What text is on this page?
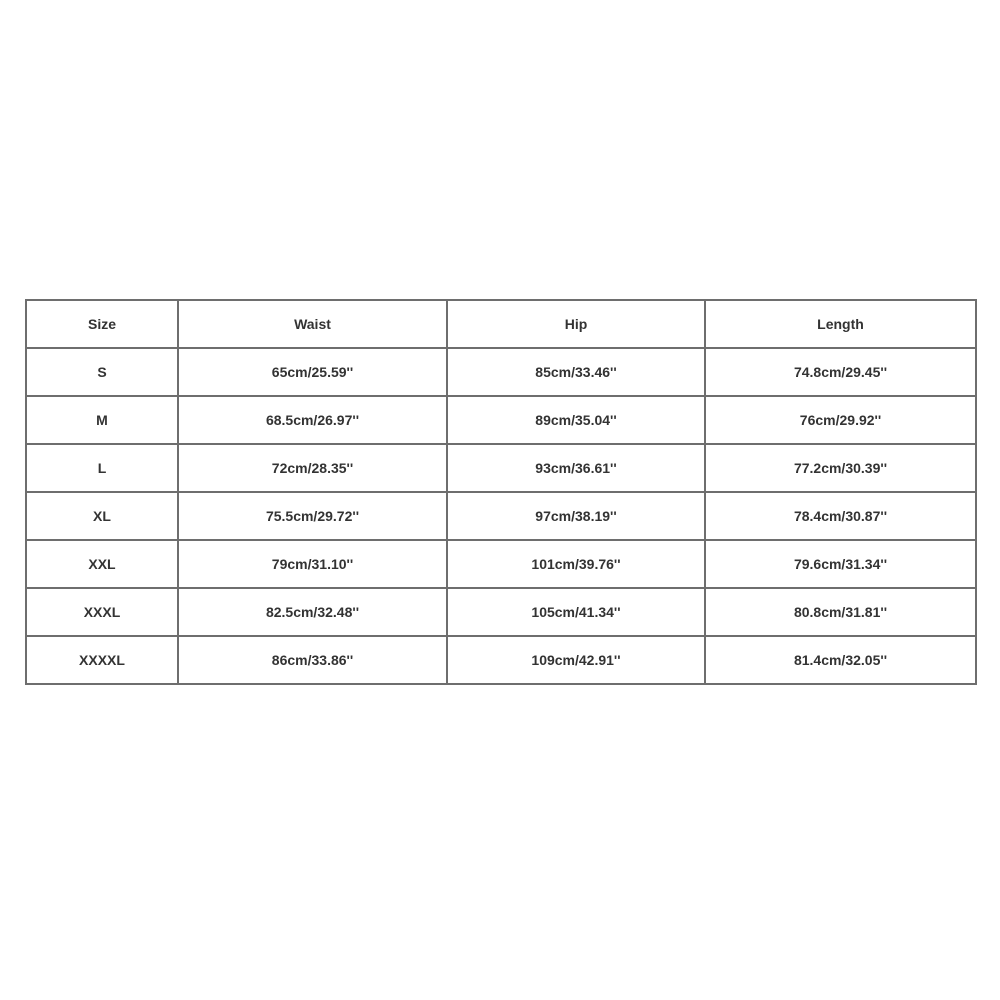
Size	Waist	Hip	Length
S	65cm/25.59''	85cm/33.46''	74.8cm/29.45''
M	68.5cm/26.97''	89cm/35.04''	76cm/29.92''
L	72cm/28.35''	93cm/36.61''	77.2cm/30.39''
XL	75.5cm/29.72''	97cm/38.19''	78.4cm/30.87''
XXL	79cm/31.10''	101cm/39.76''	79.6cm/31.34''
XXXL	82.5cm/32.48''	105cm/41.34''	80.8cm/31.81''
XXXXL	86cm/33.86''	109cm/42.91''	81.4cm/32.05''
